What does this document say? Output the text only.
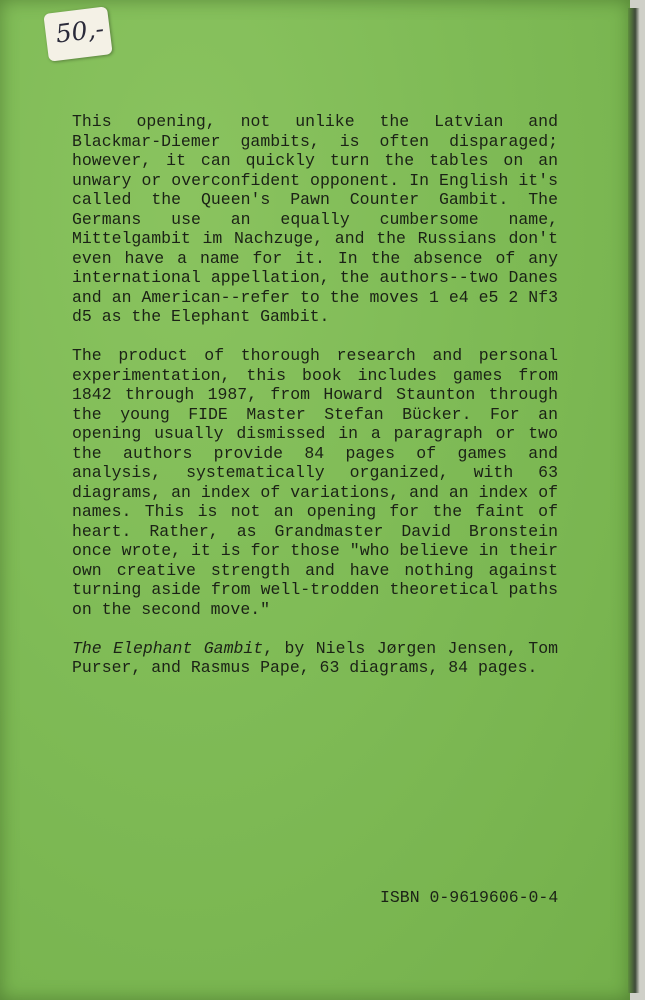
50,-

This opening, not unlike the Latvian and Blackmar-Diemer gambits, is often disparaged; however, it can quickly turn the tables on an unwary or overconfident opponent. In English it's called the Queen's Pawn Counter Gambit. The Germans use an equally cumbersome name, Mittelgambit im Nachzuge, and the Russians don't even have a name for it. In the absence of any international appellation, the authors--two Danes and an American--refer to the moves 1 e4 e5 2 Nf3 d5 as the Elephant Gambit.

The product of thorough research and personal experimentation, this book includes games from 1842 through 1987, from Howard Staunton through the young FIDE Master Stefan Bücker. For an opening usually dismissed in a paragraph or two the authors provide 84 pages of games and analysis, systematically organized, with 63 diagrams, an index of variations, and an index of names. This is not an opening for the faint of heart. Rather, as Grandmaster David Bronstein once wrote, it is for those "who believe in their own creative strength and have nothing against turning aside from well-trodden theoretical paths on the second move."

The Elephant Gambit, by Niels Jørgen Jensen, Tom Purser, and Rasmus Pape, 63 diagrams, 84 pages.

ISBN 0-9619606-0-4
